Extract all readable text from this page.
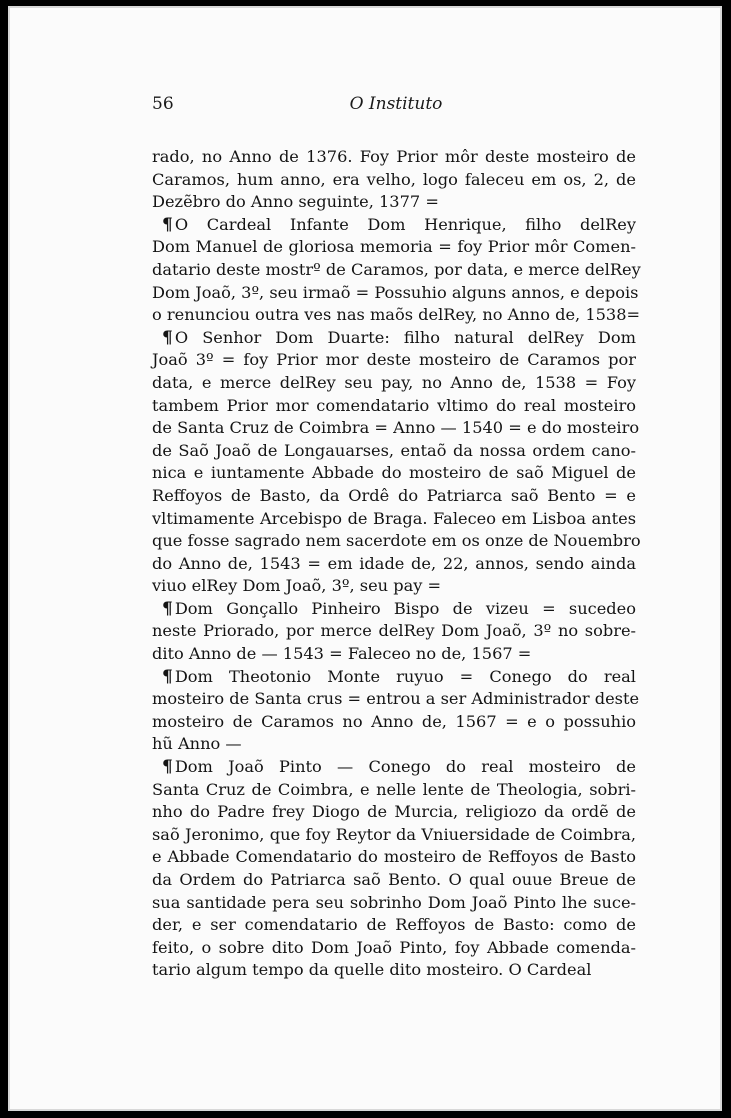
56	O Instituto
rado, no Anno de 1376. Foy Prior môr deste mosteiro de
Caramos, hum anno, era velho, logo faleceu em os, 2, de
Dezẽbro do Anno seguinte, 1377 =
¶ O Cardeal Infante Dom Henrique, filho delRey
Dom Manuel de gloriosa memoria = foy Prior môr Comen-
datario deste mostrº de Caramos, por data, e merce delRey
Dom Joaõ, 3º, seu irmaõ = Possuhio alguns annos, e depois
o renunciou outra ves nas maõs delRey, no Anno de, 1538=
¶ O Senhor Dom Duarte: filho natural delRey Dom
Joaõ 3º = foy Prior mor deste mosteiro de Caramos por
data, e merce delRey seu pay, no Anno de, 1538 = Foy
tambem Prior mor comendatario vltimo do real mosteiro
de Santa Cruz de Coimbra = Anno — 1540 = e do mosteiro
de Saõ Joaõ de Longauarses, entaõ da nossa ordem cano-
nica e iuntamente Abbade do mosteiro de saõ Miguel de
Reffoyos de Basto, da Ordê do Patriarca saõ Bento = e
vltimamente Arcebispo de Braga. Faleceo em Lisboa antes
que fosse sagrado nem sacerdote em os onze de Nouembro
do Anno de, 1543 = em idade de, 22, annos, sendo ainda
viuo elRey Dom Joaõ, 3º, seu pay =
¶ Dom Gonçallo Pinheiro Bispo de vizeu = sucedeo
neste Priorado, por merce delRey Dom Joaõ, 3º no sobre-
dito Anno de — 1543 = Faleceo no de, 1567 =
¶ Dom Theotonio Monte ruyuo = Conego do real
mosteiro de Santa crus = entrou a ser Administrador deste
mosteiro de Caramos no Anno de, 1567 = e o possuhio
hũ Anno —
¶ Dom Joaõ Pinto — Conego do real mosteiro de
Santa Cruz de Coimbra, e nelle lente de Theologia, sobri-
nho do Padre frey Diogo de Murcia, religiozo da ordẽ de
saõ Jeronimo, que foy Reytor da Vniuersidade de Coimbra,
e Abbade Comendatario do mosteiro de Reffoyos de Basto
da Ordem do Patriarca saõ Bento. O qual ouue Breue de
sua santidade pera seu sobrinho Dom Joaõ Pinto lhe suce-
der, e ser comendatario de Reffoyos de Basto: como de
feito, o sobre dito Dom Joaõ Pinto, foy Abbade comenda-
tario algum tempo da quelle dito mosteiro. O Cardeal
